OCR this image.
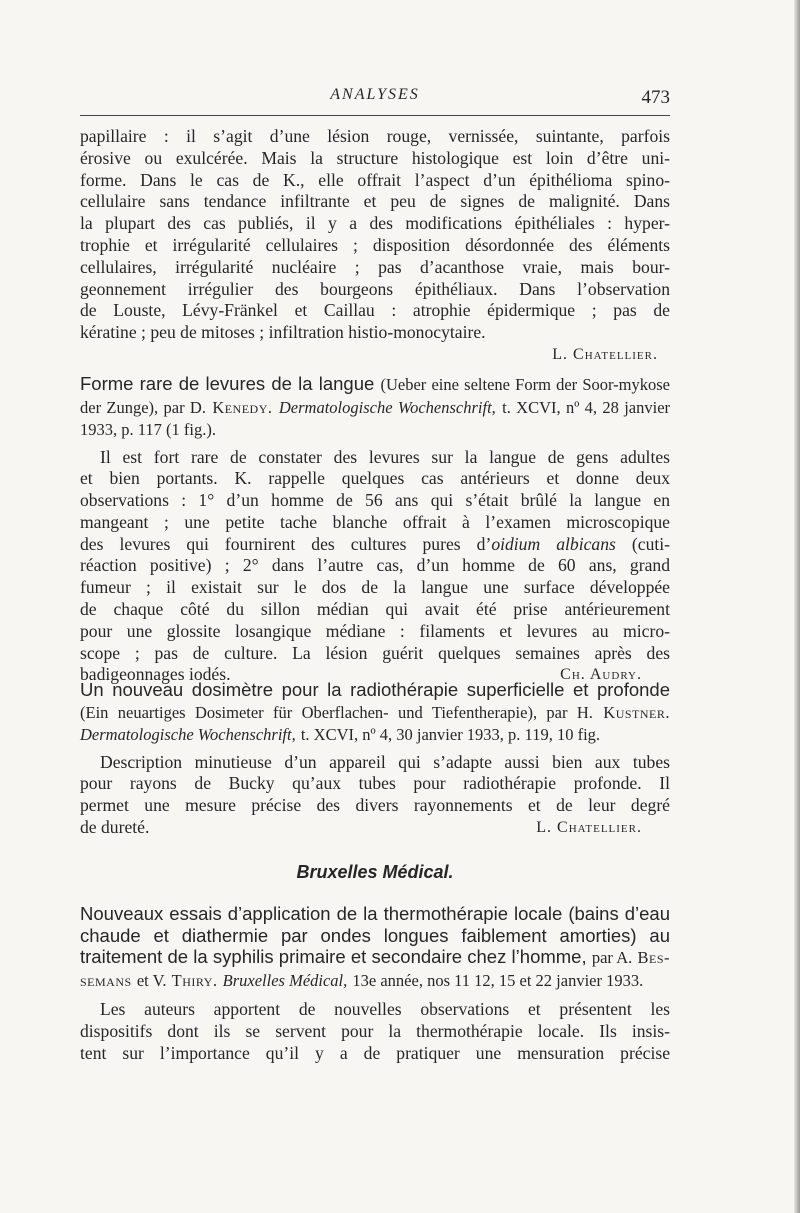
ANALYSES	473
papillaire : il s’agit d’une lésion rouge, vernissée, suintante, parfois
érosive ou exulcérée. Mais la structure histologique est loin d’être uni-
forme. Dans le cas de K., elle offrait l’aspect d’un épithélioma spino-
cellulaire sans tendance infiltrante et peu de signes de malignité. Dans
la plupart des cas publiés, il y a des modifications épithéliales : hyper-
trophie et irrégularité cellulaires ; disposition désordonnée des éléments
cellulaires, irrégularité nucléaire ; pas d’acanthose vraie, mais bour-
geonnement irrégulier des bourgeons épithéliaux. Dans l’observation
de Louste, Lévy-Fränkel et Caillau : atrophie épidermique ; pas de
kératine ; peu de mitoses ; infiltration histio-monocytaire.
L. Chatellier.

Forme rare de levures de la langue (Ueber eine seltene Form der Soor-mykose der Zunge), par D. Kenedy. Dermatologische Wochenschrift, t. XCVI, nº 4, 28 janvier 1933, p. 117 (1 fig.).

Il est fort rare de constater des levures sur la langue de gens adultes
et bien portants. K. rappelle quelques cas antérieurs et donne deux
observations : 1° d’un homme de 56 ans qui s’était brûlé la langue en
mangeant ; une petite tache blanche offrait à l’examen microscopique
des levures qui fournirent des cultures pures d’oidium albicans (cuti-
réaction positive) ; 2° dans l’autre cas, d’un homme de 60 ans, grand
fumeur ; il existait sur le dos de la langue une surface développée
de chaque côté du sillon médian qui avait été prise antérieurement
pour une glossite losangique médiane : filaments et levures au micro-
scope ; pas de culture. La lésion guérit quelques semaines après des
badigeonnages iodés.	Ch. Audry.

Un nouveau dosimètre pour la radiothérapie superficielle et profonde (Ein neuartiges Dosimeter für Oberflachen- und Tiefentherapie), par H. Kustner. Dermatologische Wochenschrift, t. XCVI, nº 4, 30 janvier 1933, p. 119, 10 fig.

Description minutieuse d’un appareil qui s’adapte aussi bien aux tubes
pour rayons de Bucky qu’aux tubes pour radiothérapie profonde. Il
permet une mesure précise des divers rayonnements et de leur degré
de dureté.	L. Chatellier.
Bruxelles Médical.

Nouveaux essais d’application de la thermothérapie locale (bains d’eau chaude et diathermie par ondes longues faiblement amorties) au traitement de la syphilis primaire et secondaire chez l’homme, par A. Bes-semans et V. Thiry. Bruxelles Médical, 13e année, nos 11 12, 15 et 22 janvier 1933.

Les auteurs apportent de nouvelles observations et présentent les
dispositifs dont ils se servent pour la thermothérapie locale. Ils insis-
tent sur l’importance qu’il y a de pratiquer une mensuration précise
